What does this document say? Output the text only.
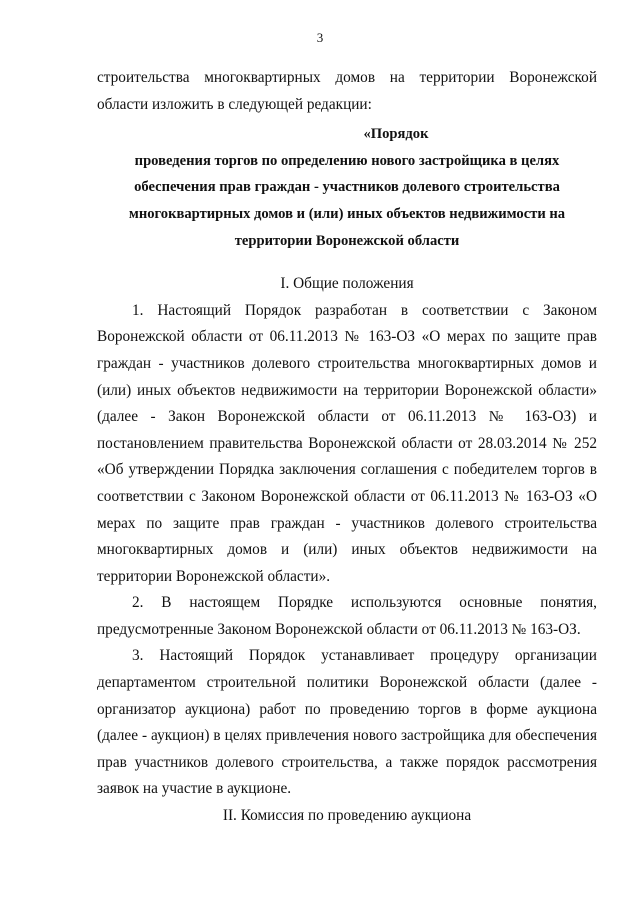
3

строительства многоквартирных домов на территории Воронежской области изложить в следующей редакции:

«Порядок
проведения торгов по определению нового застройщика в целях обеспечения прав граждан - участников долевого строительства многоквартирных домов и (или) иных объектов недвижимости на территории Воронежской области

I. Общие положения

1. Настоящий Порядок разработан в соответствии с Законом Воронежской области от 06.11.2013 № 163-ОЗ «О мерах по защите прав граждан - участников долевого строительства многоквартирных домов и (или) иных объектов недвижимости на территории Воронежской области» (далее - Закон Воронежской области от 06.11.2013 № 163-ОЗ) и постановлением правительства Воронежской области от 28.03.2014 № 252 «Об утверждении Порядка заключения соглашения с победителем торгов в соответствии с Законом Воронежской области от 06.11.2013 № 163-ОЗ «О мерах по защите прав граждан - участников долевого строительства многоквартирных домов и (или) иных объектов недвижимости на территории Воронежской области».

2. В настоящем Порядке используются основные понятия, предусмотренные Законом Воронежской области от 06.11.2013 № 163-ОЗ.

3. Настоящий Порядок устанавливает процедуру организации департаментом строительной политики Воронежской области (далее - организатор аукциона) работ по проведению торгов в форме аукциона (далее - аукцион) в целях привлечения нового застройщика для обеспечения прав участников долевого строительства, а также порядок рассмотрения заявок на участие в аукционе.

II. Комиссия по проведению аукциона
